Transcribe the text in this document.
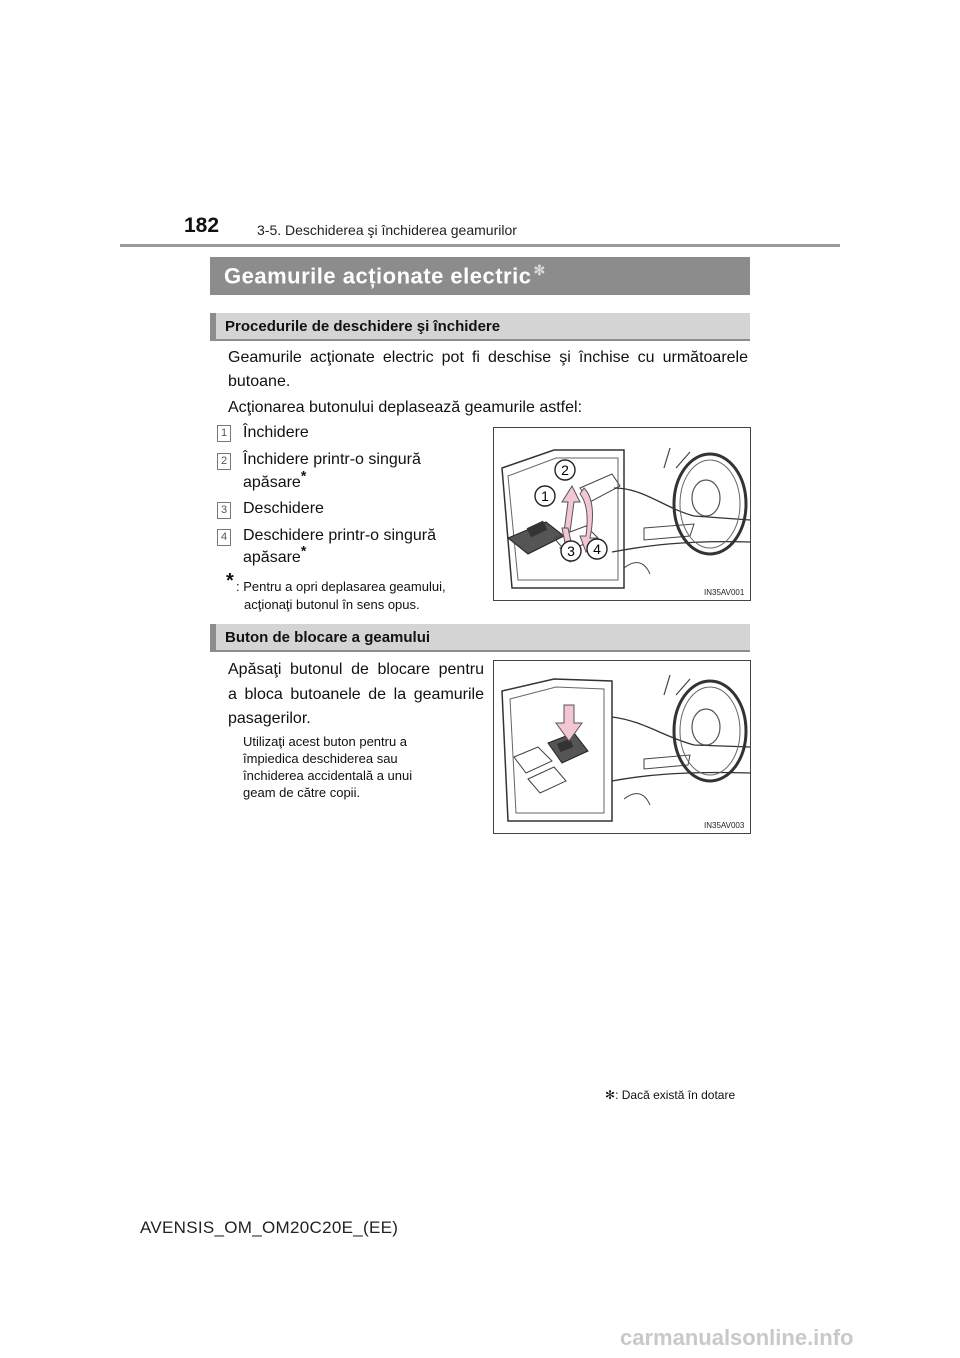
182	3-5. Deschiderea şi închiderea geamurilor
Geamurile acționate electric ✻
Procedurile de deschidere şi închidere
Geamurile acţionate electric pot fi deschise şi închise cu următoarele butoane.
Acţionarea butonului deplasează geamurile astfel:
1 Închidere
2 Închidere printr-o singură
apăsare*
3 Deschidere
4 Deschidere printr-o singură
apăsare*
* : Pentru a opri deplasarea geamului,
acţionaţi butonul în sens opus.
2
1
3 4
IN35AV001
Buton de blocare a geamului
Apăsaţi butonul de blocare pentru
a bloca butoanele de la geamurile
pasagerilor.
Utilizaţi acest buton pentru a
împiedica deschiderea sau
închiderea accidentală a unui
geam de către copii.
IN35AV003
✻: Dacă există în dotare
AVENSIS_OM_OM20C20E_(EE)
carmanualsonline.info
